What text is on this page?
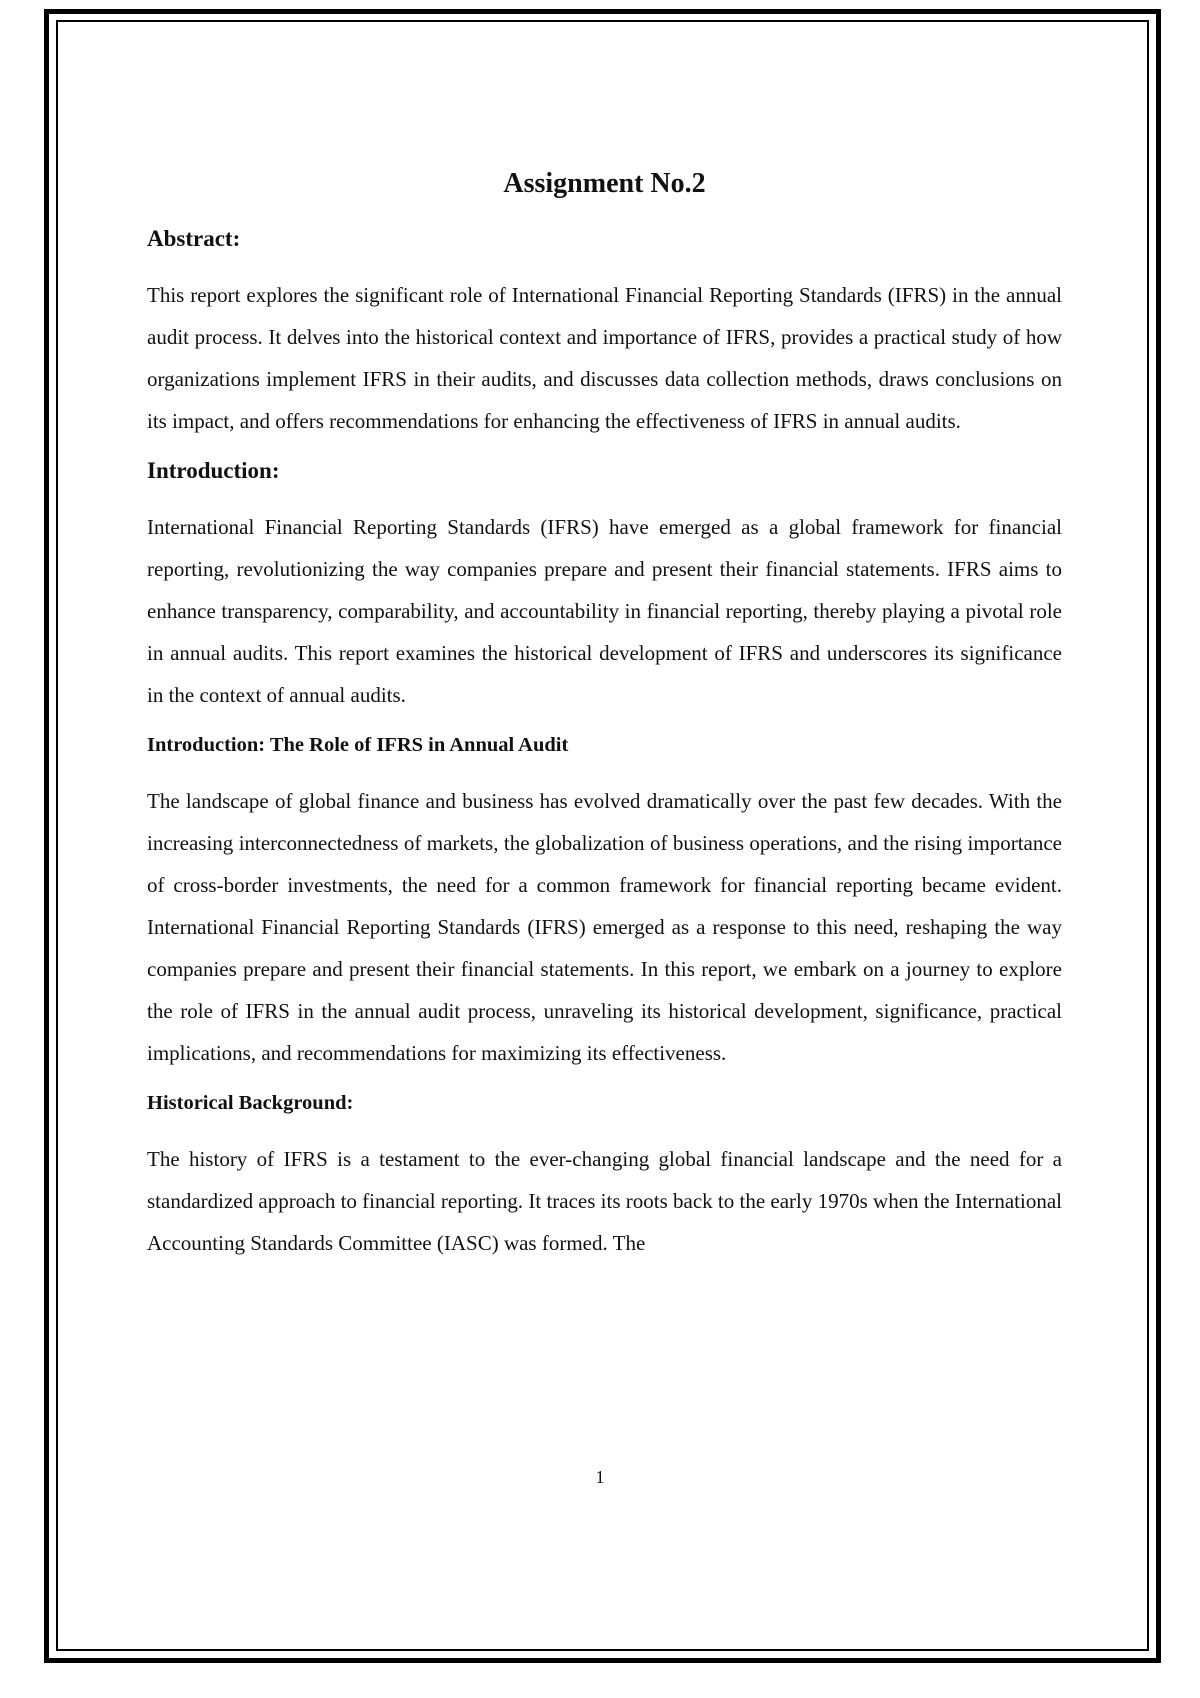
Assignment No.2
Abstract:

This report explores the significant role of International Financial Reporting Standards (IFRS) in the annual audit process. It delves into the historical context and importance of IFRS, provides a practical study of how organizations implement IFRS in their audits, and discusses data collection methods, draws conclusions on its impact, and offers recommendations for enhancing the effectiveness of IFRS in annual audits.

Introduction:

International Financial Reporting Standards (IFRS) have emerged as a global framework for financial reporting, revolutionizing the way companies prepare and present their financial statements. IFRS aims to enhance transparency, comparability, and accountability in financial reporting, thereby playing a pivotal role in annual audits. This report examines the historical development of IFRS and underscores its significance in the context of annual audits.

Introduction: The Role of IFRS in Annual Audit

The landscape of global finance and business has evolved dramatically over the past few decades. With the increasing interconnectedness of markets, the globalization of business operations, and the rising importance of cross-border investments, the need for a common framework for financial reporting became evident. International Financial Reporting Standards (IFRS) emerged as a response to this need, reshaping the way companies prepare and present their financial statements. In this report, we embark on a journey to explore the role of IFRS in the annual audit process, unraveling its historical development, significance, practical implications, and recommendations for maximizing its effectiveness.

Historical Background:

The history of IFRS is a testament to the ever-changing global financial landscape and the need for a standardized approach to financial reporting. It traces its roots back to the early 1970s when the International Accounting Standards Committee (IASC) was formed. The

1
